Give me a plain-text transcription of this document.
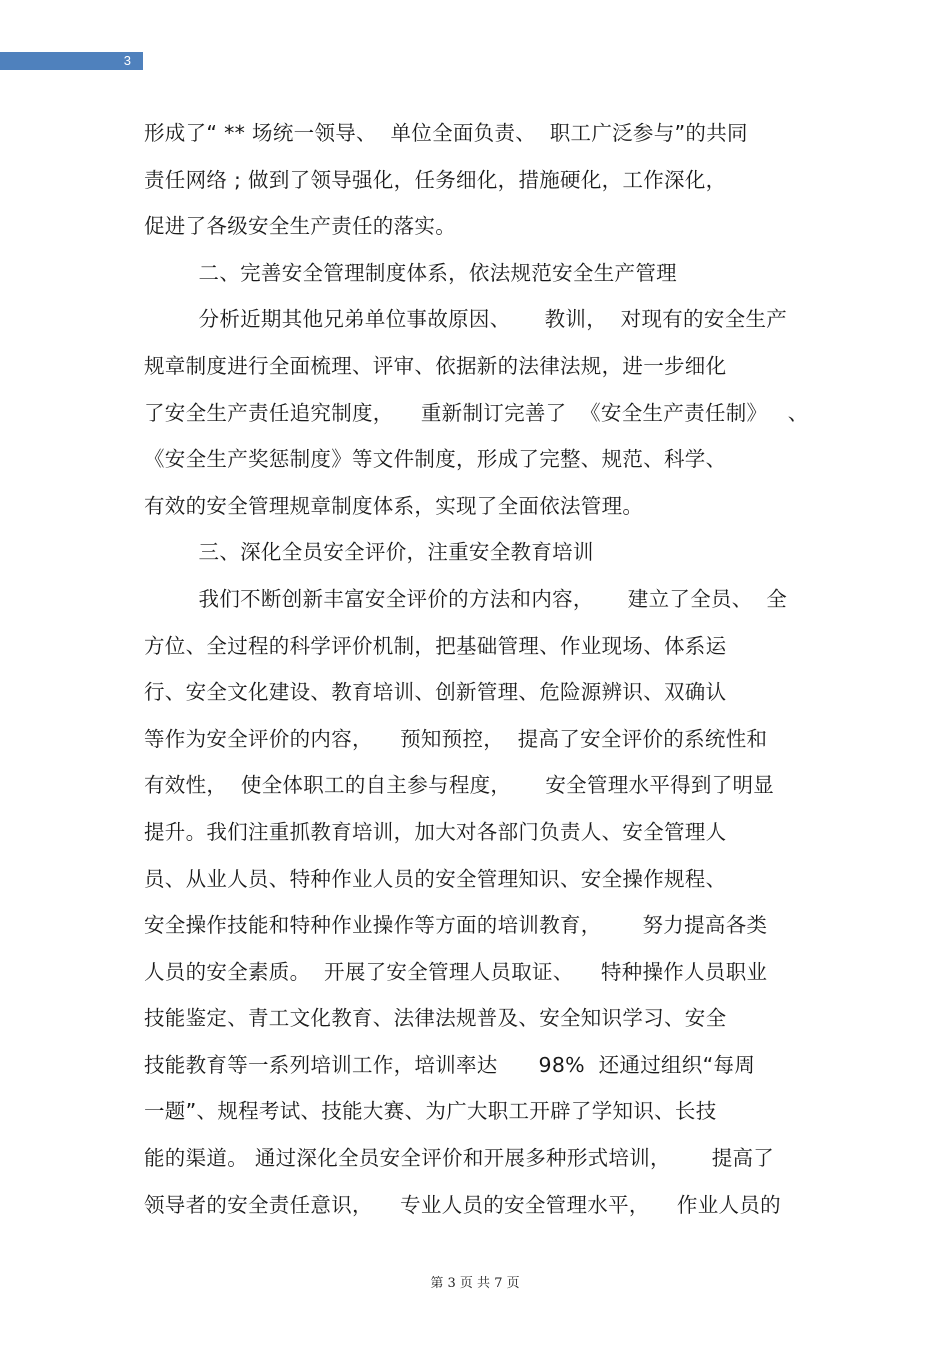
3
形成了“ ** 场统一领导、  单位全面负责、  职工广泛参与”的共同
责任网络 ; 做到了领导强化，任务细化，措施硬化，工作深化，
促进了各级安全生产责任的落实。
二、完善安全管理制度体系，依法规范安全生产管理
分析近期其他兄弟单位事故原因、     教训，  对现有的安全生产
规章制度进行全面梳理、评审、依据新的法律法规，进一步细化
了安全生产责任追究制度，    重新制订完善了  《安全生产责任制》   、
《安全生产奖惩制度》等文件制度，形成了完整、规范、科学、
有效的安全管理规章制度体系，实现了全面依法管理。
三、深化全员安全评价，注重安全教育培训
我们不断创新丰富安全评价的方法和内容，     建立了全员、  全
方位、全过程的科学评价机制，把基础管理、作业现场、体系运
行、安全文化建设、教育培训、创新管理、危险源辨识、双确认
等作为安全评价的内容，    预知预控，  提高了安全评价的系统性和
有效性，  使全体职工的自主参与程度，     安全管理水平得到了明显
提升。我们注重抓教育培训，加大对各部门负责人、安全管理人
员、从业人员、特种作业人员的安全管理知识、安全操作规程、
安全操作技能和特种作业操作等方面的培训教育，      努力提高各类
人员的安全素质。  开展了安全管理人员取证、    特种操作人员职业
技能鉴定、青工文化教育、法律法规普及、安全知识学习、安全
技能教育等一系列培训工作，培训率达      98%  还通过组织“每周
一题”、规程考试、技能大赛、为广大职工开辟了学知识、长技
能的渠道。 通过深化全员安全评价和开展多种形式培训，      提高了
领导者的安全责任意识，    专业人员的安全管理水平，    作业人员的
第 3 页 共 7 页
